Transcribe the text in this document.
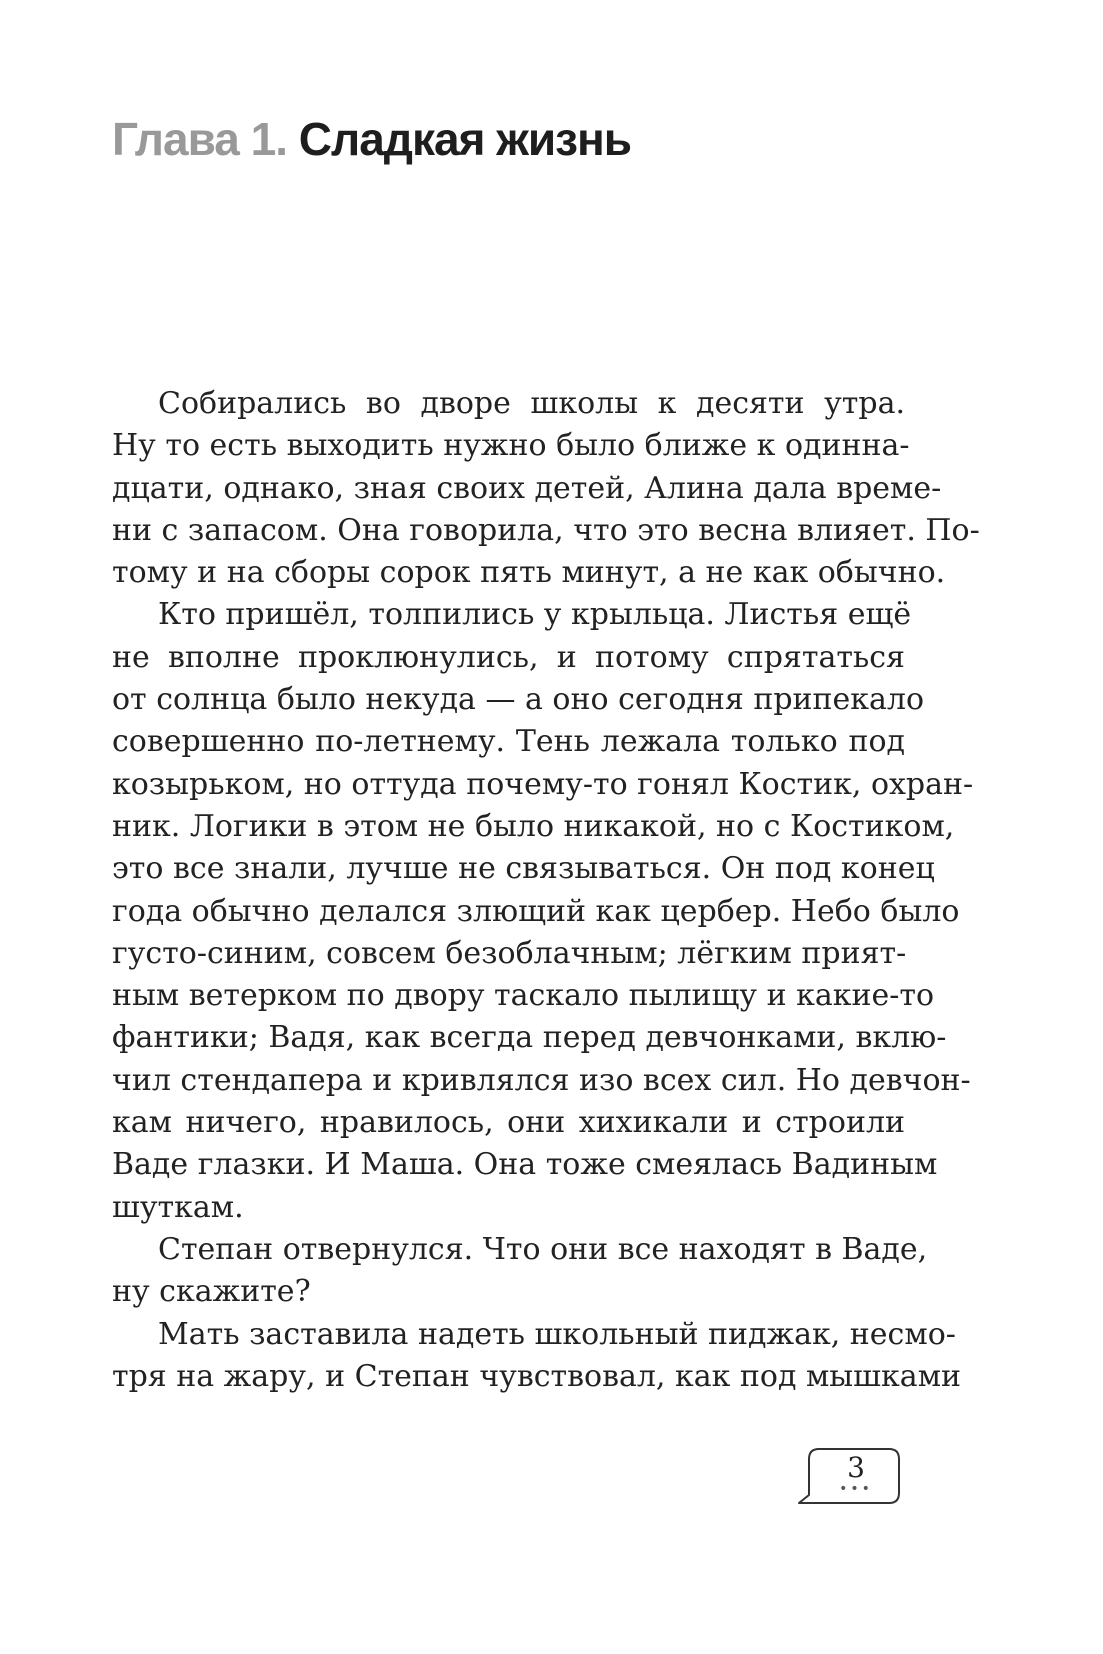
Глава 1. Сладкая жизнь
Собирались во дворе школы к десяти утра.
Ну то есть выходить нужно было ближе к одинна-
дцати, однако, зная своих детей, Алина дала време-
ни с запасом. Она говорила, что это весна влияет. По-
тому и на сборы сорок пять минут, а не как обычно.
Кто пришёл, толпились у крыльца. Листья ещё
не вполне проклюнулись, и потому спрятаться
от солнца было некуда — а оно сегодня припекало
совершенно по-летнему. Тень лежала только под
козырьком, но оттуда почему-то гонял Костик, охран-
ник. Логики в этом не было никакой, но с Костиком,
это все знали, лучше не связываться. Он под конец
года обычно делался злющий как цербер. Небо было
густо-синим, совсем безоблачным; лёгким прият-
ным ветерком по двору таскало пылищу и какие-то
фантики; Вадя, как всегда перед девчонками, вклю-
чил стендапера и кривлялся изо всех сил. Но девчон-
кам ничего, нравилось, они хихикали и строили
Ваде глазки. И Маша. Она тоже смеялась Вадиным
шуткам.
Степан отвернулся. Что они все находят в Ваде,
ну скажите?
Мать заставила надеть школьный пиджак, несмо-
тря на жару, и Степан чувствовал, как под мышками
3
•••
